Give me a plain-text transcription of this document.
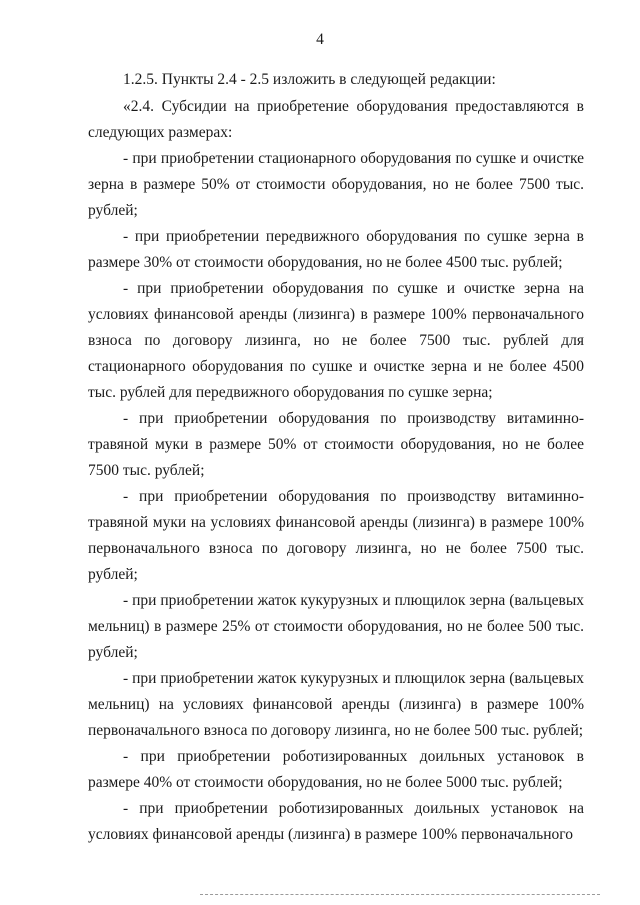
4

1.2.5. Пункты 2.4 - 2.5 изложить в следующей редакции:

«2.4. Субсидии на приобретение оборудования предоставляются в следующих размерах:

- при приобретении стационарного оборудования по сушке и очистке зерна в размере 50% от стоимости оборудования, но не более 7500 тыс. рублей;

- при приобретении передвижного оборудования по сушке зерна в размере 30% от стоимости оборудования, но не более 4500 тыс. рублей;

- при приобретении оборудования по сушке и очистке зерна на условиях финансовой аренды (лизинга) в размере 100% первоначального взноса по договору лизинга, но не более 7500 тыс. рублей для стационарного оборудования по сушке и очистке зерна и не более 4500 тыс. рублей для передвижного оборудования по сушке зерна;

- при приобретении оборудования по производству витаминно-травяной муки в размере 50% от стоимости оборудования, но не более 7500 тыс. рублей;

- при приобретении оборудования по производству витаминно-травяной муки на условиях финансовой аренды (лизинга) в размере 100% первоначального взноса по договору лизинга, но не более 7500 тыс. рублей;

- при приобретении жаток кукурузных и плющилок зерна (вальцевых мельниц) в размере 25% от стоимости оборудования, но не более 500 тыс. рублей;

- при приобретении жаток кукурузных и плющилок зерна (вальцевых мельниц) на условиях финансовой аренды (лизинга) в размере 100% первоначального взноса по договору лизинга, но не более 500 тыс. рублей;

- при приобретении роботизированных доильных установок в размере 40% от стоимости оборудования, но не более 5000 тыс. рублей;

- при приобретении роботизированных доильных установок на условиях финансовой аренды (лизинга) в размере 100% первоначального
